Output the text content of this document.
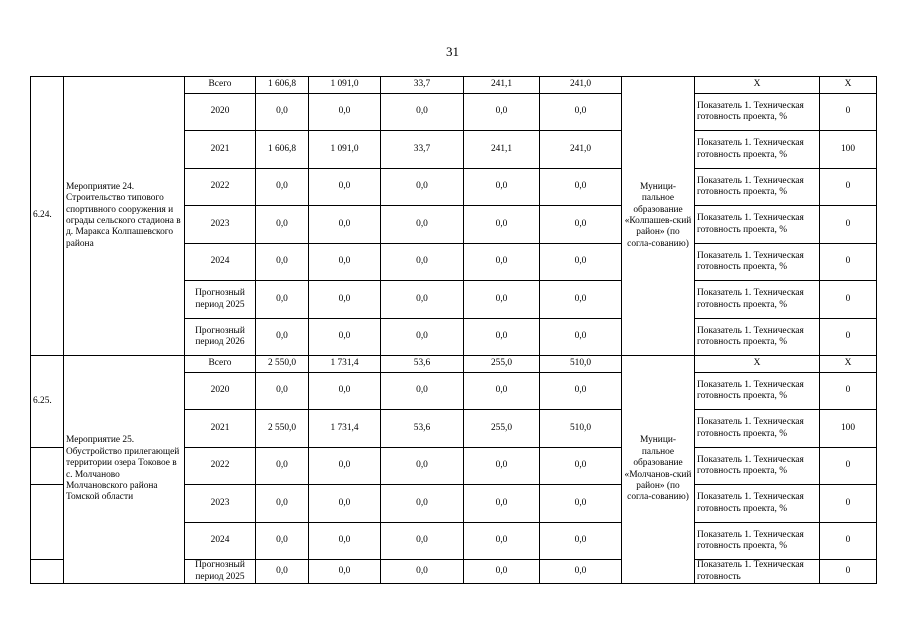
31
6.24.	Мероприятие 24. Строительство типового спортивного сооружения и ограды сельского стадиона в д. Маракса Колпашевского района	Всего	1 606,8	1 091,0	33,7	241,1	241,0	Муници-пальное образование «Колпашев-ский район» (по согла-сованию)	Х	Х
		2020	0,0	0,0	0,0	0,0	0,0		Показатель 1. Техническая готовность проекта, %	0
		2021	1 606,8	1 091,0	33,7	241,1	241,0		Показатель 1. Техническая готовность проекта, %	100
		2022	0,0	0,0	0,0	0,0	0,0		Показатель 1. Техническая готовность проекта, %	0
		2023	0,0	0,0	0,0	0,0	0,0		Показатель 1. Техническая готовность проекта, %	0
		2024	0,0	0,0	0,0	0,0	0,0		Показатель 1. Техническая готовность проекта, %	0
		Прогнозный период 2025	0,0	0,0	0,0	0,0	0,0		Показатель 1. Техническая готовность проекта, %	0
		Прогнозный период 2026	0,0	0,0	0,0	0,0	0,0		Показатель 1. Техническая готовность проекта, %	0
6.25.	Мероприятие 25. Обустройство прилегающей территории озера Токовое в с. Молчаново Молчановского района Томской области	Всего	2 550,0	1 731,4	53,6	255,0	510,0	Муници-пальное образование «Молчанов-ский район» (по согла-сованию)	Х	Х
		2020	0,0	0,0	0,0	0,0	0,0		Показатель 1. Техническая готовность проекта, %	0
		2021	2 550,0	1 731,4	53,6	255,0	510,0		Показатель 1. Техническая готовность проекта, %	100
		2022	0,0	0,0	0,0	0,0	0,0		Показатель 1. Техническая готовность проекта, %	0
		2023	0,0	0,0	0,0	0,0	0,0		Показатель 1. Техническая готовность проекта, %	0
		2024	0,0	0,0	0,0	0,0	0,0		Показатель 1. Техническая готовность проекта, %	0
		Прогнозный период 2025	0,0	0,0	0,0	0,0	0,0		Показатель 1. Техническая готовность	0
